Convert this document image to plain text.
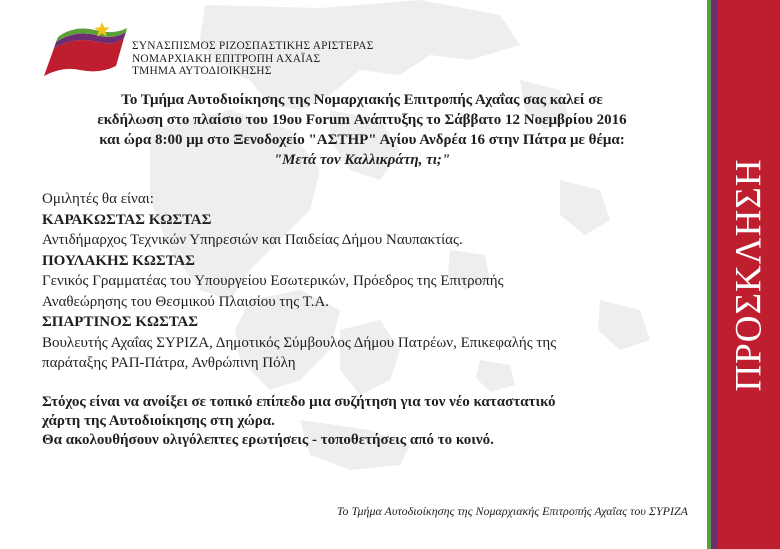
ΣΥΝΑΣΠΙΣΜΟΣ ΡΙΖΟΣΠΑΣΤΙΚΗΣ ΑΡΙΣΤΕΡΑΣ
ΝΟΜΑΡΧΙΑΚΗ ΕΠΙΤΡΟΠΗ ΑΧΑΪΑΣ
ΤΜΗΜΑ ΑΥΤΟΔΙΟΙΚΗΣΗΣ
Το Τμήμα Αυτοδιοίκησης της Νομαρχιακής Επιτροπής Αχαΐας σας καλεί σε
εκδήλωση στο πλαίσιο του 19ου Forum Ανάπτυξης το Σάββατο 12 Νοεμβρίου 2016
και ώρα 8:00 μμ στο Ξενοδοχείο "ΑΣΤΗΡ" Αγίου Ανδρέα 16 στην Πάτρα με θέμα:
"Μετά τον Καλλικράτη, τι;"
Ομιλητές θα είναι:
ΚΑΡΑΚΩΣΤΑΣ ΚΩΣΤΑΣ
Αντιδήμαρχος Τεχνικών Υπηρεσιών και Παιδείας Δήμου Ναυπακτίας.
ΠΟΥΛΑΚΗΣ ΚΩΣΤΑΣ
Γενικός Γραμματέας του Υπουργείου Εσωτερικών, Πρόεδρος της Επιτροπής
Αναθεώρησης του Θεσμικού Πλαισίου της Τ.Α.
ΣΠΑΡΤΙΝΟΣ ΚΩΣΤΑΣ
Βουλευτής Αχαΐας ΣΥΡΙΖΑ, Δημοτικός Σύμβουλος Δήμου Πατρέων, Επικεφαλής της
παράταξης ΡΑΠ-Πάτρα, Ανθρώπινη Πόλη
Στόχος είναι να ανοίξει σε τοπικό επίπεδο μια συζήτηση για τον νέο καταστατικό
χάρτη της Αυτοδιοίκησης στη χώρα.
Θα ακολουθήσουν ολιγόλεπτες ερωτήσεις - τοποθετήσεις από το κοινό.
Το Τμήμα Αυτοδιοίκησης της Νομαρχιακής Επιτροπής Αχαΐας του ΣΥΡΙΖΑ
ΠΡΟΣΚΛΗΣΗ
